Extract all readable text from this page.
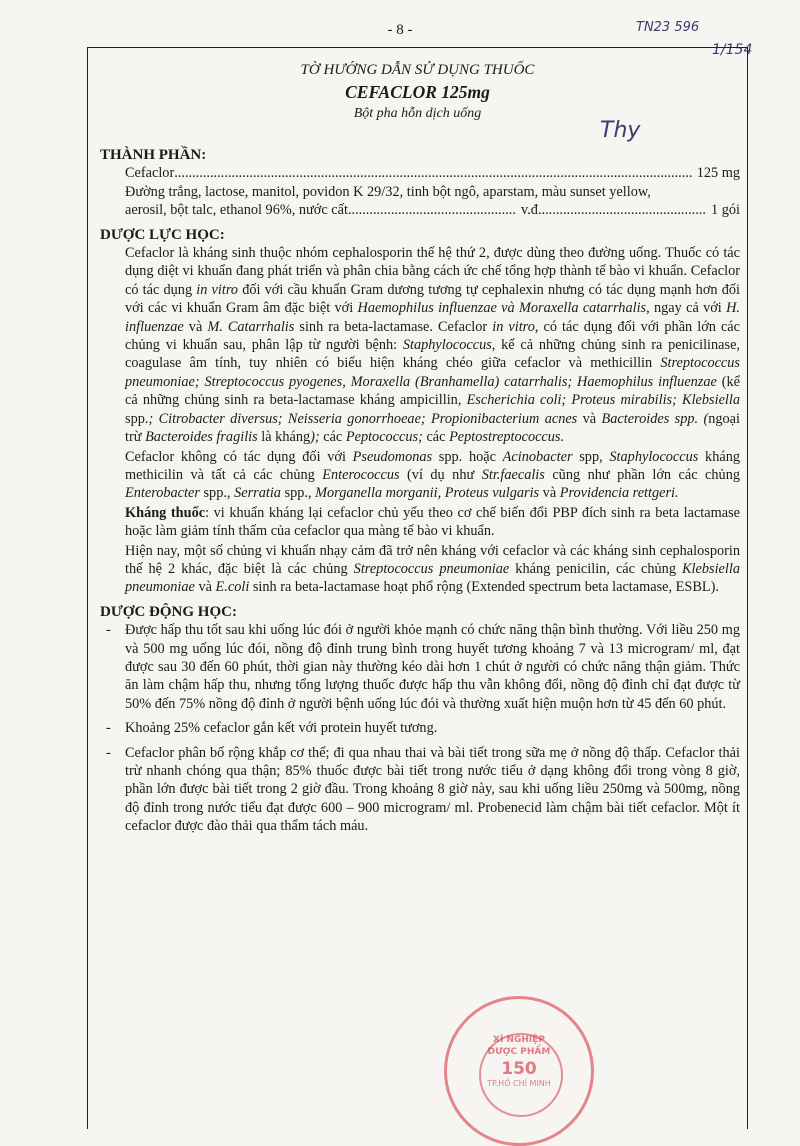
- 8 -	TN23 596
1/154
Thy
TỜ HƯỚNG DẪN SỬ DỤNG THUỐC
CEFACLOR 125mg
Bột pha hỗn dịch uống
THÀNH PHẦN:
Cefaclor .....	125 mg

Đường trắng, lactose, manitol, povidon K 29/32, tinh bột ngô, aparstam, màu sunset yellow,

aerosil, bột talc, ethanol 96%, nước cất .....	v.đ .....	1 gói
DƯỢC LỰC HỌC:

Cefaclor là kháng sinh thuộc nhóm cephalosporin thế hệ thứ 2, được dùng theo đường uống. Thuốc có tác dụng diệt vi khuẩn đang phát triển và phân chia bằng cách ức chế tổng hợp thành tế bào vi khuẩn. Cefaclor có tác dụng in vitro đối với cầu khuẩn Gram dương tương tự cephalexin nhưng có tác dụng mạnh hơn đối với các vi khuẩn Gram âm đặc biệt với Haemophilus influenzae và Moraxella catarrhalis, ngay cả với H. influenzae và M. Catarrhalis sinh ra beta-lactamase. Cefaclor in vitro, có tác dụng đối với phần lớn các chủng vi khuẩn sau, phân lập từ người bệnh: Staphylococcus, kể cả những chủng sinh ra penicilinase, coagulase âm tính, tuy nhiên có biểu hiện kháng chéo giữa cefaclor và methicillin Streptococcus pneumoniae; Streptococcus pyogenes, Moraxella (Branhamella) catarrhalis; Haemophilus influenzae (kể cả những chủng sinh ra beta-lactamase kháng ampicillin, Escherichia coli; Proteus mirabilis; Klebsiella spp.; Citrobacter diversus; Neisseria gonorrhoeae; Propionibacterium acnes và Bacteroides spp. (ngoại trừ Bacteroides fragilis là kháng); các Peptococcus; các Peptostreptococcus.

Cefaclor không có tác dụng đối với Pseudomonas spp. hoặc Acinobacter spp, Staphylococcus kháng methicilin và tất cả các chủng Enterococcus (ví dụ như Str.faecalis cũng như phần lớn các chủng Enterobacter spp., Serratia spp., Morganella morganii, Proteus vulgaris và Providencia rettgeri.

Kháng thuốc: vi khuẩn kháng lại cefaclor chủ yếu theo cơ chế biến đổi PBP đích sinh ra beta lactamase hoặc làm giảm tính thấm của cefaclor qua màng tế bào vi khuẩn.

Hiện nay, một số chủng vi khuẩn nhạy cảm đã trở nên kháng với cefaclor và các kháng sinh cephalosporin thế hệ 2 khác, đặc biệt là các chủng Streptococcus pneumoniae kháng penicilin, các chủng Klebsiella pneumoniae và E.coli sinh ra beta-lactamase hoạt phổ rộng (Extended spectrum beta lactamase, ESBL).

DƯỢC ĐỘNG HỌC:
- Được hấp thu tốt sau khi uống lúc đói ở người khỏe mạnh có chức năng thận bình thường. Với liều 250 mg và 500 mg uống lúc đói, nồng độ đỉnh trung bình trong huyết tương khoảng 7 và 13 microgram/ ml, đạt được sau 30 đến 60 phút, thời gian này thường kéo dài hơn 1 chút ở người có chức năng thận giảm. Thức ăn làm chậm hấp thu, nhưng tổng lượng thuốc được hấp thu vẫn không đổi, nồng độ đỉnh chỉ đạt được từ 50% đến 75% nồng độ đỉnh ở người bệnh uống lúc đói và thường xuất hiện muộn hơn từ 45 đến 60 phút.
- Khoảng 25% cefaclor gắn kết với protein huyết tương.
- Cefaclor phân bố rộng khắp cơ thể; đi qua nhau thai và bài tiết trong sữa mẹ ở nồng độ thấp. Cefaclor thải trừ nhanh chóng qua thận; 85% thuốc được bài tiết trong nước tiểu ở dạng không đổi trong vòng 8 giờ, phần lớn được bài tiết trong 2 giờ đầu. Trong khoảng 8 giờ này, sau khi uống liều 250mg và 500mg, nồng độ đỉnh trong nước tiểu đạt được 600 – 900 microgram/ ml. Probenecid làm chậm bài tiết cefaclor. Một ít cefaclor được đào thải qua thẩm tách máu.
XÍ NGHIỆP
DƯỢC PHẨM
150
TP.HỒ CHÍ MINH
